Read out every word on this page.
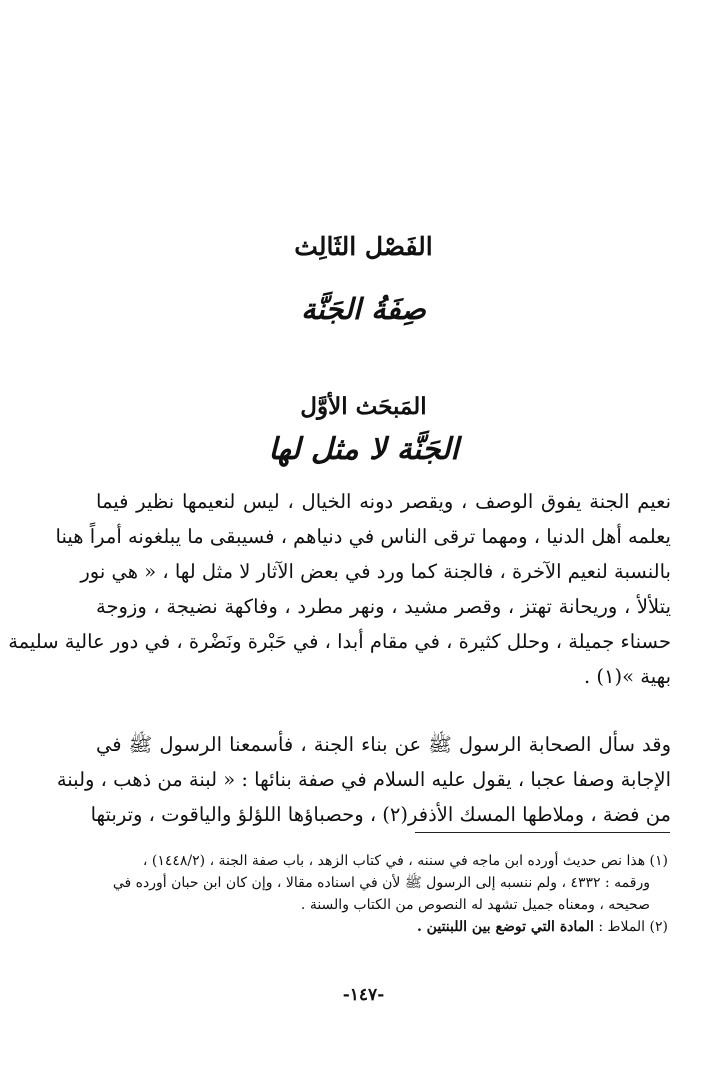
الفَصْل الثَالِث
صِفَةُ الجَنَّة
المَبحَث الأوَّل
الجَنَّة لا مثل لها
نعيم الجنة يفوق الوصف ، ويقصر دونه الخيال ، ليس لنعيمها نظير فيما
يعلمه أهل الدنيا ، ومهما ترقى الناس في دنياهم ، فسيبقى ما يبلغونه أمراً هينا
بالنسبة لنعيم الآخرة ، فالجنة كما ورد في بعض الآثار لا مثل لها ، « هي نور
يتلألأ ، وريحانة تهتز ، وقصر مشيد ، ونهر مطرد ، وفاكهة نضيجة ، وزوجة
حسناء جميلة ، وحلل كثيرة ، في مقام أبدا ، في حَبْرة ونَضْرة ، في دور عالية سليمة
بهية »(١) .
وقد سأل الصحابة الرسول ﷺ عن بناء الجنة ، فأسمعنا الرسول ﷺ في
الإجابة وصفا عجبا ، يقول عليه السلام في صفة بنائها : « لبنة من ذهب ، ولبنة
من فضة ، وملاطها المسك الأذفر(٢) ، وحصباؤها اللؤلؤ والياقوت ، وتربتها
(١) هذا نص حديث أورده ابن ماجه في سننه ، في كتاب الزهد ، باب صفة الجنة ، (١٤٤٨/٢) ،
ورقمه : ٤٣٣٢ ، ولم ننسبه إلى الرسول ﷺ لأن في اسناده مقالا ، وإن كان ابن حبان أورده في
صحيحه ، ومعناه جميل تشهد له النصوص من الكتاب والسنة .
(٢) الملاط : المادة التي توضع بين اللبنتين .
-١٤٧-
